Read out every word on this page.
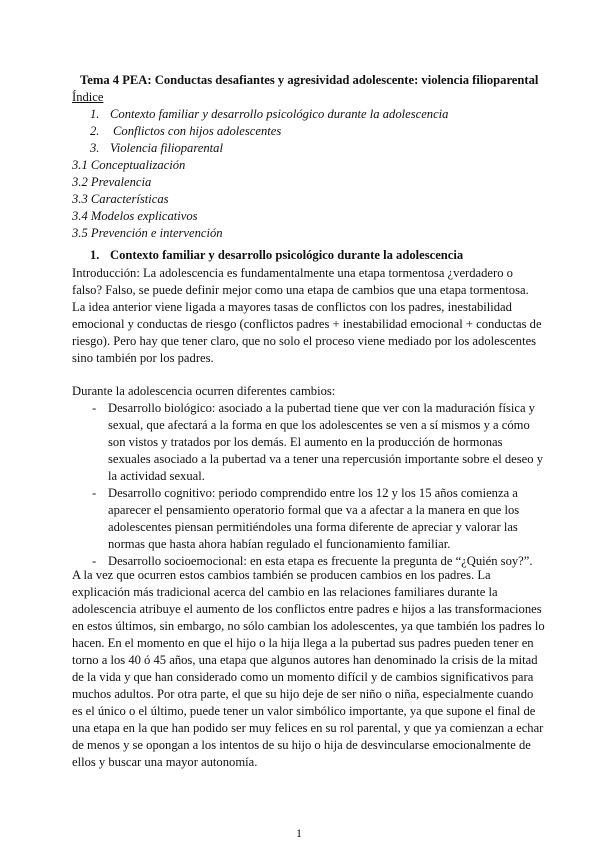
Tema 4 PEA: Conductas desafiantes y agresividad adolescente: violencia filioparental
Índice
1. Contexto familiar y desarrollo psicológico durante la adolescencia
2. Conflictos con hijos adolescentes
3. Violencia filioparental
3.1 Conceptualización
3.2 Prevalencia
3.3 Características
3.4 Modelos explicativos
3.5 Prevención e intervención
1. Contexto familiar y desarrollo psicológico durante la adolescencia
Introducción: La adolescencia es fundamentalmente una etapa tormentosa ¿verdadero o
falso? Falso, se puede definir mejor como una etapa de cambios que una etapa tormentosa.
La idea anterior viene ligada a mayores tasas de conflictos con los padres, inestabilidad
emocional y conductas de riesgo (conflictos padres + inestabilidad emocional + conductas de
riesgo). Pero hay que tener claro, que no solo el proceso viene mediado por los adolescentes
sino también por los padres.
Durante la adolescencia ocurren diferentes cambios:
- Desarrollo biológico: asociado a la pubertad tiene que ver con la maduración física y
sexual, que afectará a la forma en que los adolescentes se ven a sí mismos y a cómo
son vistos y tratados por los demás. El aumento en la producción de hormonas
sexuales asociado a la pubertad va a tener una repercusión importante sobre el deseo y
la actividad sexual.
- Desarrollo cognitivo: periodo comprendido entre los 12 y los 15 años comienza a
aparecer el pensamiento operatorio formal que va a afectar a la manera en que los
adolescentes piensan permitiéndoles una forma diferente de apreciar y valorar las
normas que hasta ahora habían regulado el funcionamiento familiar.
- Desarrollo socioemocional: en esta etapa es frecuente la pregunta de “¿Quién soy?”.
A la vez que ocurren estos cambios también se producen cambios en los padres. La
explicación más tradicional acerca del cambio en las relaciones familiares durante la
adolescencia atribuye el aumento de los conflictos entre padres e hijos a las transformaciones
en estos últimos, sin embargo, no sólo cambian los adolescentes, ya que también los padres lo
hacen. En el momento en que el hijo o la hija llega a la pubertad sus padres pueden tener en
torno a los 40 ó 45 años, una etapa que algunos autores han denominado la crisis de la mitad
de la vida y que han considerado como un momento difícil y de cambios significativos para
muchos adultos. Por otra parte, el que su hijo deje de ser niño o niña, especialmente cuando
es el único o el último, puede tener un valor simbólico importante, ya que supone el final de
una etapa en la que han podido ser muy felices en su rol parental, y que ya comienzan a echar
de menos y se opongan a los intentos de su hijo o hija de desvincularse emocionalmente de
ellos y buscar una mayor autonomía.
1
